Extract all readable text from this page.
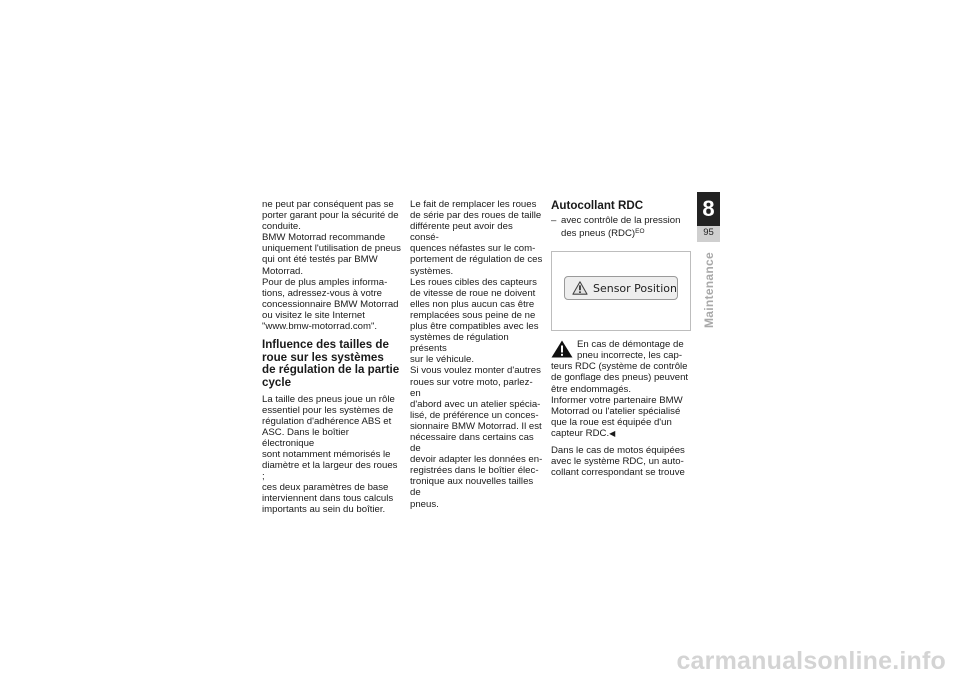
ne peut par conséquent pas se

porter garant pour la sécurité de

conduite.

BMW Motorrad recommande

uniquement l'utilisation de pneus

qui ont été testés par BMW

Motorrad.

Pour de plus amples informa-

tions, adressez-vous à votre

concessionnaire BMW Motorrad

ou visitez le site Internet

"www.bmw-motorrad.com".

Influence des tailles de
roue sur les systèmes
de régulation de la partie
cycle

La taille des pneus joue un rôle

essentiel pour les systèmes de

régulation d'adhérence ABS et

ASC. Dans le boîtier électronique

sont notamment mémorisés le

diamètre et la largeur des roues ;

ces deux paramètres de base

interviennent dans tous calculs

importants au sein du boîtier.

Le fait de remplacer les roues

de série par des roues de taille

différente peut avoir des consé-

quences néfastes sur le com-

portement de régulation de ces

systèmes.

Les roues cibles des capteurs

de vitesse de roue ne doivent

elles non plus aucun cas être

remplacées sous peine de ne

plus être compatibles avec les

systèmes de régulation présents

sur le véhicule.

Si vous voulez monter d'autres

roues sur votre moto, parlez-en

d'abord avec un atelier spécia-

lisé, de préférence un conces-

sionnaire BMW Motorrad. Il est

nécessaire dans certains cas de

devoir adapter les données en-

registrées dans le boîtier élec-

tronique aux nouvelles tailles de

pneus.

Autocollant RDC
– avec contrôle de la pression
des pneus (RDC)$^{EO}$
Sensor Position

En cas de démontage de

pneu incorrecte, les cap-

teurs RDC (système de contrôle

de gonflage des pneus) peuvent

être endommagés.

Informer votre partenaire BMW

Motorrad ou l'atelier spécialisé

que la roue est équipée d'un

capteur RDC.◀

Dans le cas de motos équipées

avec le système RDC, un auto-

collant correspondant se trouve

8
95
Maintenance
carmanualsonline.info
